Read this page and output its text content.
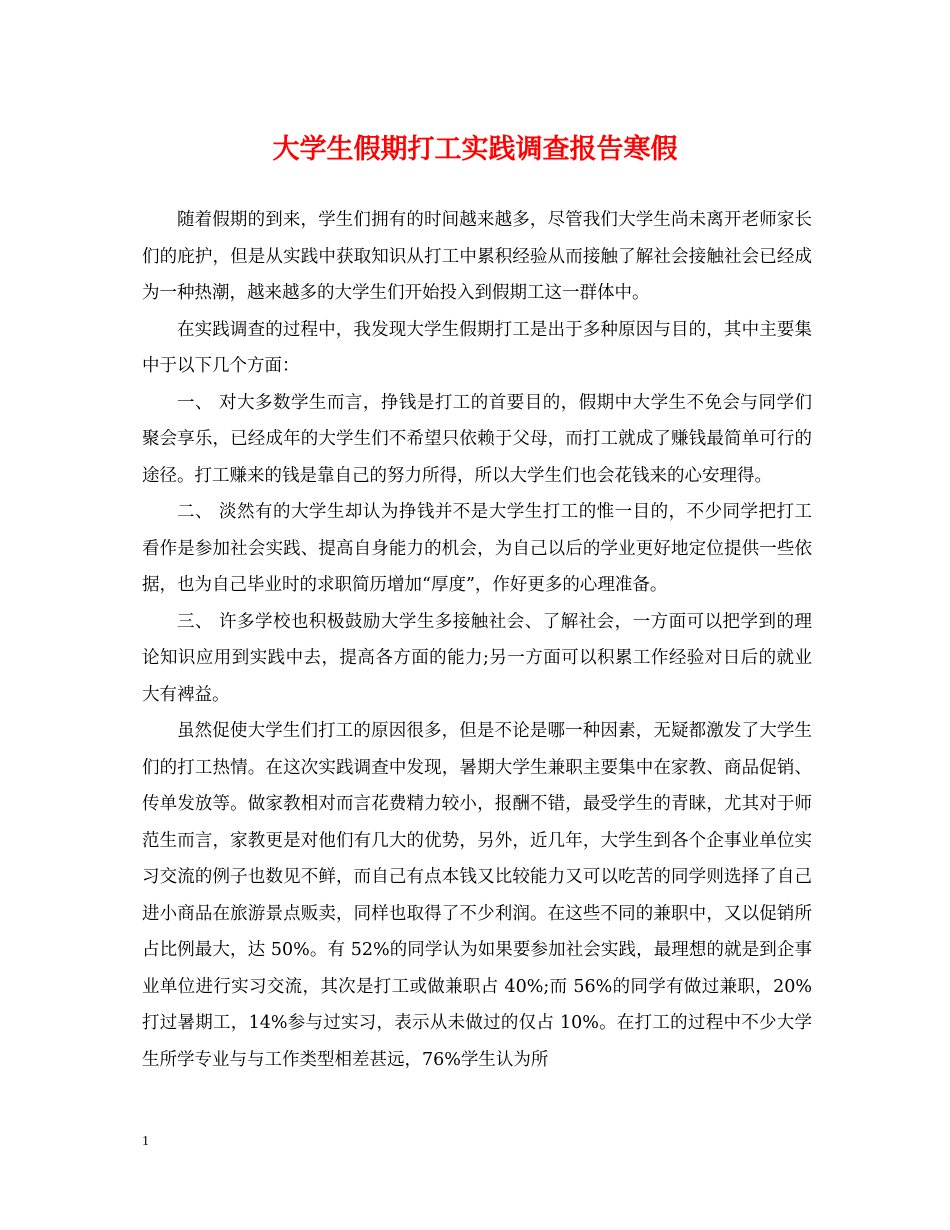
大学生假期打工实践调查报告寒假

随着假期的到来，学生们拥有的时间越来越多，尽管我们大学生尚未离开老师家长们的庇护，但是从实践中获取知识从打工中累积经验从而接触了解社会接触社会已经成为一种热潮，越来越多的大学生们开始投入到假期工这一群体中。

在实践调查的过程中，我发现大学生假期打工是出于多种原因与目的，其中主要集中于以下几个方面：

一、 对大多数学生而言，挣钱是打工的首要目的，假期中大学生不免会与同学们聚会享乐，已经成年的大学生们不希望只依赖于父母，而打工就成了赚钱最简单可行的途径。打工赚来的钱是靠自己的努力所得，所以大学生们也会花钱来的心安理得。

二、 淡然有的大学生却认为挣钱并不是大学生打工的惟一目的，不少同学把打工看作是参加社会实践、提高自身能力的机会，为自己以后的学业更好地定位提供一些依据，也为自己毕业时的求职简历增加“厚度”，作好更多的心理准备。

三、 许多学校也积极鼓励大学生多接触社会、了解社会，一方面可以把学到的理论知识应用到实践中去，提高各方面的能力;另一方面可以积累工作经验对日后的就业大有裨益。

虽然促使大学生们打工的原因很多，但是不论是哪一种因素，无疑都激发了大学生们的打工热情。在这次实践调查中发现，暑期大学生兼职主要集中在家教、商品促销、传单发放等。做家教相对而言花费精力较小，报酬不错，最受学生的青睐，尤其对于师范生而言，家教更是对他们有几大的优势，另外，近几年，大学生到各个企事业单位实习交流的例子也数见不鲜，而自己有点本钱又比较能力又可以吃苦的同学则选择了自己进小商品在旅游景点贩卖，同样也取得了不少利润。在这些不同的兼职中，又以促销所占比例最大，达 50%。有 52%的同学认为如果要参加社会实践，最理想的就是到企事业单位进行实习交流，其次是打工或做兼职占 40%;而 56%的同学有做过兼职，20%打过暑期工，14%参与过实习，表示从未做过的仅占 10%。在打工的过程中不少大学生所学专业与与工作类型相差甚远，76%学生认为所

1
